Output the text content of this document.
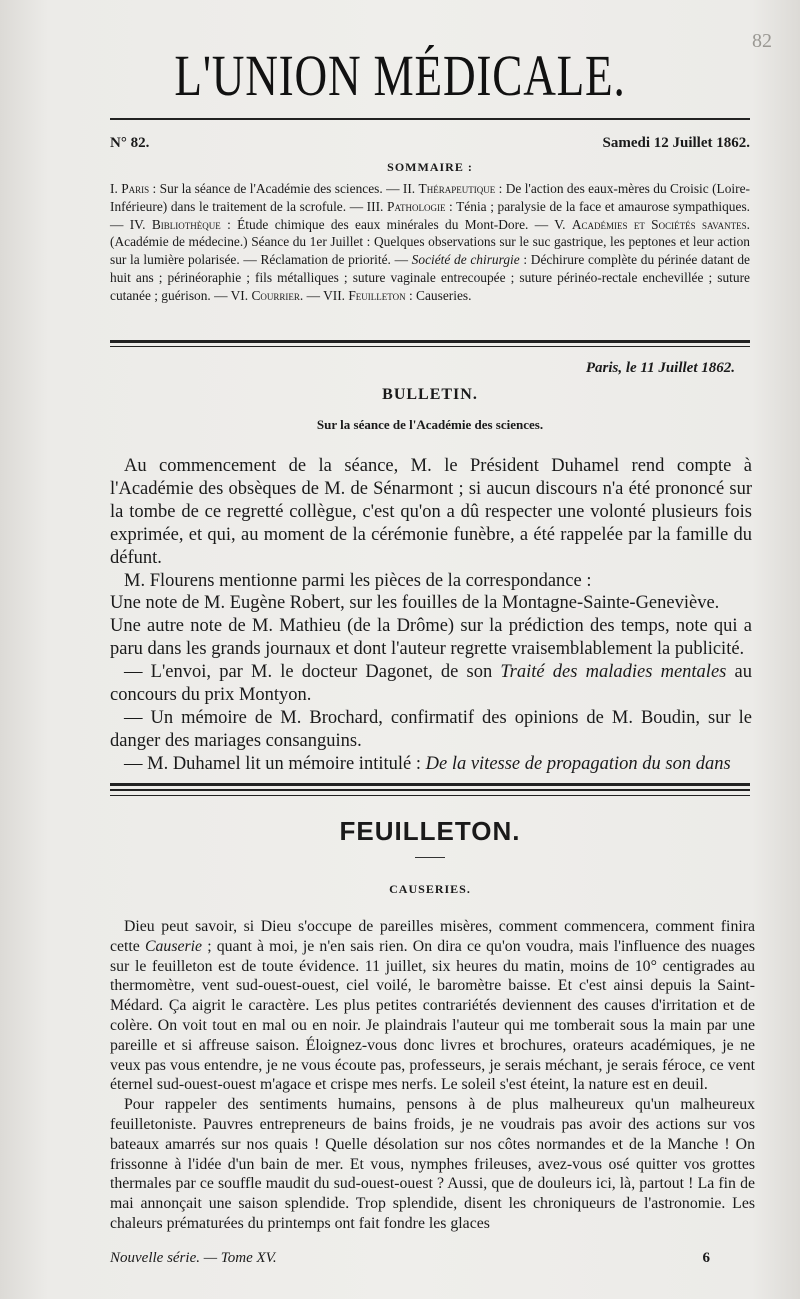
82
L'UNION MÉDICALE.
N° 82.	Samedi 12 Juillet 1862.
SOMMAIRE :

I. Paris : Sur la séance de l'Académie des sciences. — II. Thérapeutique : De l'action des eaux-mères du Croisic (Loire-Inférieure) dans le traitement de la scrofule. — III. Pathologie : Ténia ; paralysie de la face et amaurose sympathiques. — IV. Bibliothèque : Étude chimique des eaux minérales du Mont-Dore. — V. Académies et Sociétés savantes. (Académie de médecine.) Séance du 1er Juillet : Quelques observations sur le suc gastrique, les peptones et leur action sur la lumière polarisée. — Réclamation de priorité. — Société de chirurgie : Déchirure complète du périnée datant de huit ans ; périnéoraphie ; fils métalliques ; suture vaginale entrecoupée ; suture périnéo-rectale enchevillée ; suture cutanée ; guérison. — VI. Courrier. — VII. Feuilleton : Causeries.

Paris, le 11 Juillet 1862.
BULLETIN.
Sur la séance de l'Académie des sciences.

Au commencement de la séance, M. le Président Duhamel rend compte à l'Académie des obsèques de M. de Sénarmont ; si aucun discours n'a été prononcé sur la tombe de ce regretté collègue, c'est qu'on a dû respecter une volonté plusieurs fois exprimée, et qui, au moment de la cérémonie funèbre, a été rappelée par la famille du défunt.

M. Flourens mentionne parmi les pièces de la correspondance :

Une note de M. Eugène Robert, sur les fouilles de la Montagne-Sainte-Geneviève.

Une autre note de M. Mathieu (de la Drôme) sur la prédiction des temps, note qui a paru dans les grands journaux et dont l'auteur regrette vraisemblablement la publicité.

— L'envoi, par M. le docteur Dagonet, de son Traité des maladies mentales au concours du prix Montyon.

— Un mémoire de M. Brochard, confirmatif des opinions de M. Boudin, sur le danger des mariages consanguins.

— M. Duhamel lit un mémoire intitulé : De la vitesse de propagation du son dans

FEUILLETON.
CAUSERIES.

Dieu peut savoir, si Dieu s'occupe de pareilles misères, comment commencera, comment finira cette Causerie ; quant à moi, je n'en sais rien. On dira ce qu'on voudra, mais l'influence des nuages sur le feuilleton est de toute évidence. 11 juillet, six heures du matin, moins de 10° centigrades au thermomètre, vent sud-ouest-ouest, ciel voilé, le baromètre baisse. Et c'est ainsi depuis la Saint-Médard. Ça aigrit le caractère. Les plus petites contrariétés deviennent des causes d'irritation et de colère. On voit tout en mal ou en noir. Je plaindrais l'auteur qui me tomberait sous la main par une pareille et si affreuse saison. Éloignez-vous donc livres et brochures, orateurs académiques, je ne veux pas vous entendre, je ne vous écoute pas, professeurs, je serais méchant, je serais féroce, ce vent éternel sud-ouest-ouest m'agace et crispe mes nerfs. Le soleil s'est éteint, la nature est en deuil.

Pour rappeler des sentiments humains, pensons à de plus malheureux qu'un malheureux feuilletoniste. Pauvres entrepreneurs de bains froids, je ne voudrais pas avoir des actions sur vos bateaux amarrés sur nos quais ! Quelle désolation sur nos côtes normandes et de la Manche ! On frissonne à l'idée d'un bain de mer. Et vous, nymphes frileuses, avez-vous osé quitter vos grottes thermales par ce souffle maudit du sud-ouest-ouest ? Aussi, que de douleurs ici, là, partout ! La fin de mai annonçait une saison splendide. Trop splendide, disent les chroniqueurs de l'astronomie. Les chaleurs prématurées du printemps ont fait fondre les glaces

Nouvelle série. — Tome XV.	6
